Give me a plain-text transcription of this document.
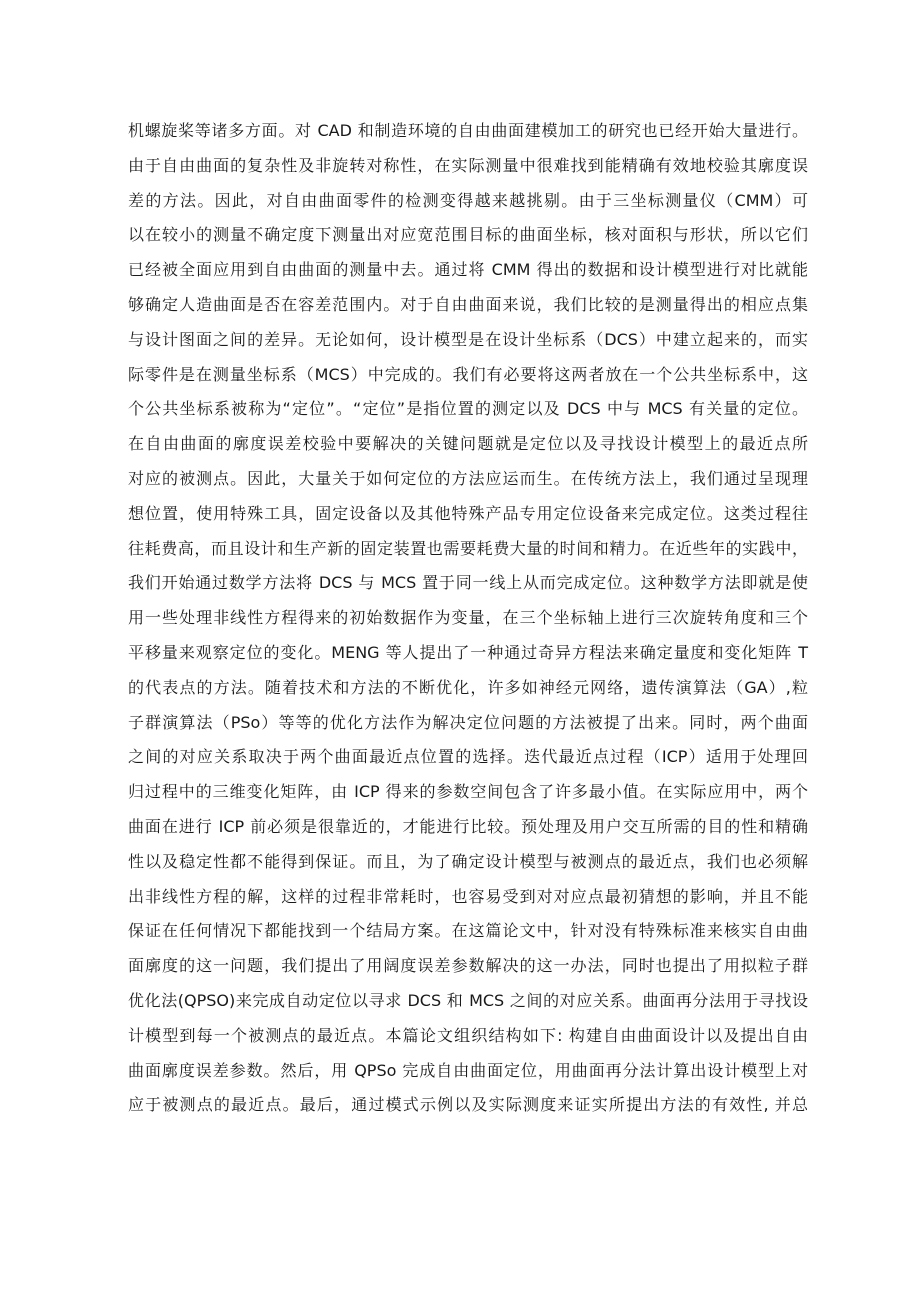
机螺旋桨等诸多方面。对 CAD 和制造环境的自由曲面建模加工的研究也已经开始大量进行。
由于自由曲面的复杂性及非旋转对称性，在实际测量中很难找到能精确有效地校验其廓度误
差的方法。因此，对自由曲面零件的检测变得越来越挑剔。由于三坐标测量仪（CMM）可
以在较小的测量不确定度下测量出对应宽范围目标的曲面坐标，核对面积与形状，所以它们
已经被全面应用到自由曲面的测量中去。通过将 CMM 得出的数据和设计模型进行对比就能
够确定人造曲面是否在容差范围内。对于自由曲面来说，我们比较的是测量得出的相应点集
与设计图面之间的差异。无论如何，设计模型是在设计坐标系（DCS）中建立起来的，而实
际零件是在测量坐标系（MCS）中完成的。我们有必要将这两者放在一个公共坐标系中，这
个公共坐标系被称为“定位”。“定位”是指位置的测定以及 DCS 中与 MCS 有关量的定位。
在自由曲面的廓度误差校验中要解决的关键问题就是定位以及寻找设计模型上的最近点所
对应的被测点。因此，大量关于如何定位的方法应运而生。在传统方法上，我们通过呈现理
想位置，使用特殊工具，固定设备以及其他特殊产品专用定位设备来完成定位。这类过程往
往耗费高，而且设计和生产新的固定装置也需要耗费大量的时间和精力。在近些年的实践中，
我们开始通过数学方法将 DCS 与 MCS 置于同一线上从而完成定位。这种数学方法即就是使
用一些处理非线性方程得来的初始数据作为变量，在三个坐标轴上进行三次旋转角度和三个
平移量来观察定位的变化。MENG 等人提出了一种通过奇异方程法来确定量度和变化矩阵 T
的代表点的方法。随着技术和方法的不断优化，许多如神经元网络，遗传演算法（GA）,粒
子群演算法（PSo）等等的优化方法作为解决定位问题的方法被提了出来。同时，两个曲面
之间的对应关系取决于两个曲面最近点位置的选择。迭代最近点过程（ICP）适用于处理回
归过程中的三维变化矩阵，由 ICP 得来的参数空间包含了许多最小值。在实际应用中，两个
曲面在进行 ICP 前必须是很靠近的，才能进行比较。预处理及用户交互所需的目的性和精确
性以及稳定性都不能得到保证。而且，为了确定设计模型与被测点的最近点，我们也必须解
出非线性方程的解，这样的过程非常耗时，也容易受到对对应点最初猜想的影响，并且不能
保证在任何情况下都能找到一个结局方案。在这篇论文中，针对没有特殊标准来核实自由曲
面廓度的这一问题，我们提出了用阔度误差参数解决的这一办法，同时也提出了用拟粒子群
优化法(QPSO)来完成自动定位以寻求 DCS 和 MCS 之间的对应关系。曲面再分法用于寻找设
计模型到每一个被测点的最近点。本篇论文组织结构如下: 构建自由曲面设计以及提出自由
曲面廓度误差参数。然后，用 QPSo 完成自由曲面定位，用曲面再分法计算出设计模型上对
应于被测点的最近点。最后，通过模式示例以及实际测度来证实所提出方法的有效性, 并总
